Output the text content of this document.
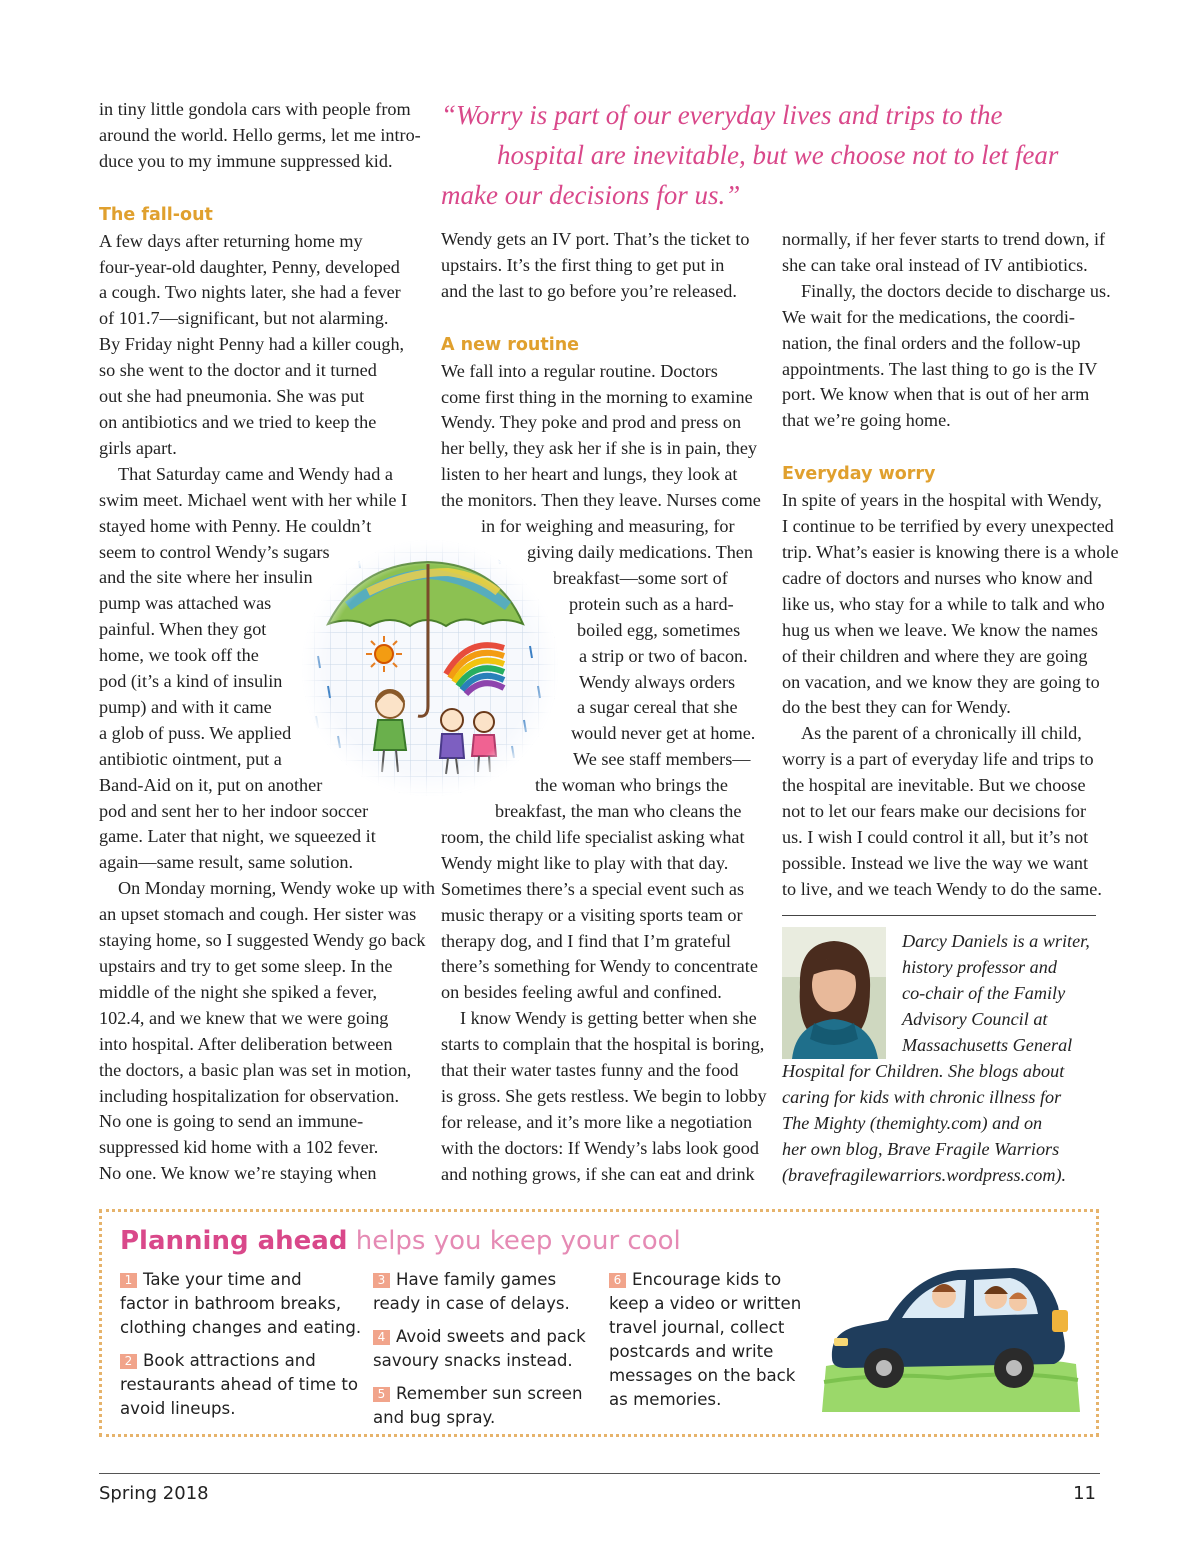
“Worry is part of our everyday lives and trips to the
hospital are inevitable, but we choose not to let fear
make our decisions for us.”

in tiny little gondola cars with people from

around the world. Hello germs, let me intro-

duce you to my immune suppressed kid.

The fall-out

A few days after returning home my

four-year-old daughter, Penny, developed

a cough. Two nights later, she had a fever

of 101.7—significant, but not alarming.

By Friday night Penny had a killer cough,

so she went to the doctor and it turned

out she had pneumonia. She was put

on antibiotics and we tried to keep the

girls apart.

That Saturday came and Wendy had a

swim meet. Michael went with her while I

stayed home with Penny. He couldn’t

seem to control Wendy’s sugars

and the site where her insulin

pump was attached was

painful. When they got

home, we took off the

pod (it’s a kind of insulin

pump) and with it came

a glob of puss. We applied

antibiotic ointment, put a

Band-Aid on it, put on another

pod and sent her to her indoor soccer

game. Later that night, we squeezed it

again—same result, same solution.

On Monday morning, Wendy woke up with

an upset stomach and cough. Her sister was

staying home, so I suggested Wendy go back

upstairs and try to get some sleep. In the

middle of the night she spiked a fever,

102.4, and we knew that we were going

into hospital. After deliberation between

the doctors, a basic plan was set in motion,

including hospitalization for observation.

No one is going to send an immune-

suppressed kid home with a 102 fever.

No one. We know we’re staying when

Wendy gets an IV port. That’s the ticket to

upstairs. It’s the first thing to get put in

and the last to go before you’re released.

A new routine

We fall into a regular routine. Doctors

come first thing in the morning to examine

Wendy. They poke and prod and press on

her belly, they ask her if she is in pain, they

listen to her heart and lungs, they look at

the monitors. Then they leave. Nurses come

in for weighing and measuring, for

giving daily medications. Then

breakfast—some sort of

protein such as a hard-

boiled egg, sometimes

a strip or two of bacon.

Wendy always orders

a sugar cereal that she

would never get at home.

We see staff members—

the woman who brings the

breakfast, the man who cleans the

room, the child life specialist asking what

Wendy might like to play with that day.

Sometimes there’s a special event such as

music therapy or a visiting sports team or

therapy dog, and I find that I’m grateful

there’s something for Wendy to concentrate

on besides feeling awful and confined.

I know Wendy is getting better when she

starts to complain that the hospital is boring,

that their water tastes funny and the food

is gross. She gets restless. We begin to lobby

for release, and it’s more like a negotiation

with the doctors: If Wendy’s labs look good

and nothing grows, if she can eat and drink

normally, if her fever starts to trend down, if

she can take oral instead of IV antibiotics.

Finally, the doctors decide to discharge us.

We wait for the medications, the coordi-

nation, the final orders and the follow-up

appointments. The last thing to go is the IV

port. We know when that is out of her arm

that we’re going home.

Everyday worry

In spite of years in the hospital with Wendy,

I continue to be terrified by every unexpected

trip. What’s easier is knowing there is a whole

cadre of doctors and nurses who know and

like us, who stay for a while to talk and who

hug us when we leave. We know the names

of their children and where they are going

on vacation, and we know they are going to

do the best they can for Wendy.

As the parent of a chronically ill child,

worry is a part of everyday life and trips to

the hospital are inevitable. But we choose

not to let our fears make our decisions for

us. I wish I could control it all, but it’s not

possible. Instead we live the way we want

to live, and we teach Wendy to do the same.

Darcy Daniels is a writer,
history professor and
co-chair of the Family
Advisory Council at
Massachusetts General
Hospital for Children. She blogs about
caring for kids with chronic illness for
The Mighty (themighty.com) and on
her own blog, Brave Fragile Warriors
(bravefragilewarriors.wordpress.com).
Planning ahead helps you keep your cool
1 Take your time and
factor in bathroom breaks,
clothing changes and eating.
2 Book attractions and
restaurants ahead of time to
avoid lineups.
3 Have family games
ready in case of delays.
4 Avoid sweets and pack
savoury snacks instead.
5 Remember sun screen
and bug spray.
6 Encourage kids to
keep a video or written
travel journal, collect
postcards and write
messages on the back
as memories.
Spring 2018	11
